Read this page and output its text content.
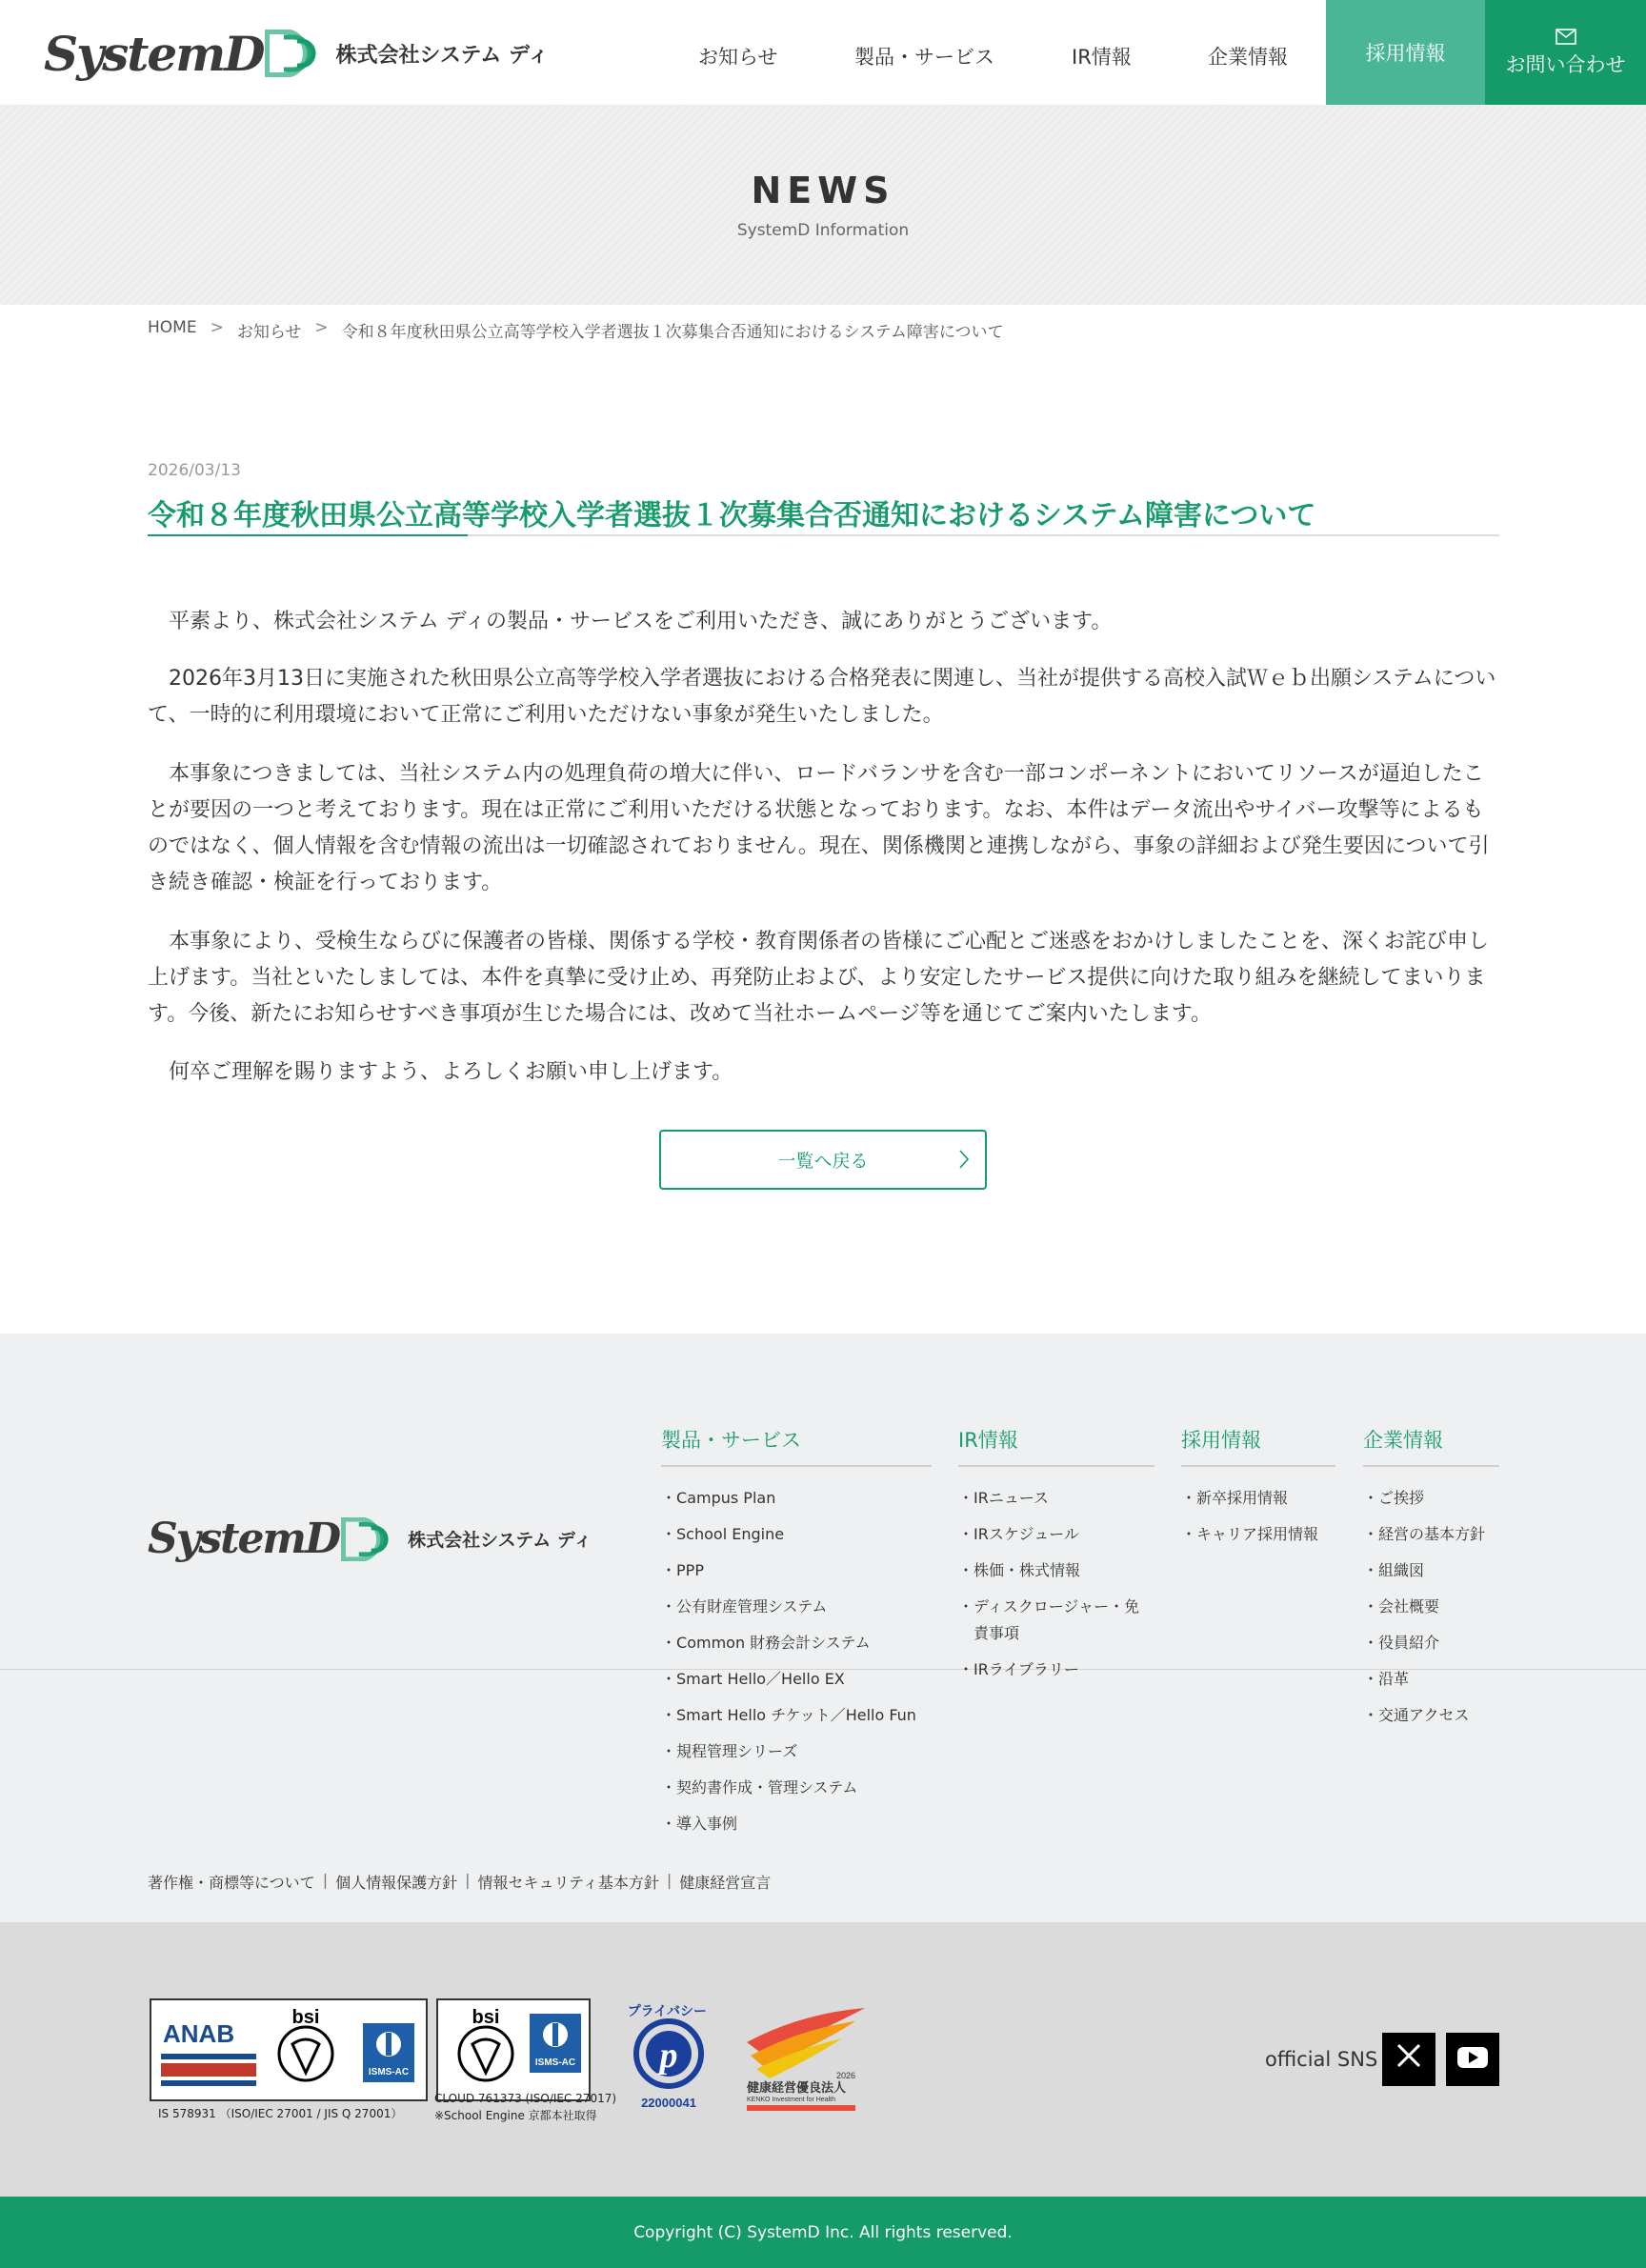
SystemD	株式会社システム ディ	お知らせ	製品・サービス	IR情報	企業情報	採用情報	お問い合わせ
NEWS
SystemD Information
HOME > お知らせ > 令和８年度秋田県公立高等学校入学者選抜１次募集合否通知におけるシステム障害について
2026/03/13
令和８年度秋田県公立高等学校入学者選抜１次募集合否通知におけるシステム障害について

平素より、株式会社システム ディの製品・サービスをご利用いただき、誠にありがとうございます。

2026年3月13日に実施された秋田県公立高等学校入学者選抜における合格発表に関連し、当社が提供する高校入試Ｗｅｂ出願システムについて、一時的に利用環境において正常にご利用いただけない事象が発生いたしました。

本事象につきましては、当社システム内の処理負荷の増大に伴い、ロードバランサを含む一部コンポーネントにおいてリソースが逼迫したことが要因の一つと考えております。現在は正常にご利用いただける状態となっております。なお、本件はデータ流出やサイバー攻撃等によるものではなく、個人情報を含む情報の流出は一切確認されておりません。現在、関係機関と連携しながら、事象の詳細および発生要因について引き続き確認・検証を行っております。

本事象により、受検生ならびに保護者の皆様、関係する学校・教育関係者の皆様にご心配とご迷惑をおかけしましたことを、深くお詫び申し上げます。当社といたしましては、本件を真摯に受け止め、再発防止および、より安定したサービス提供に向けた取り組みを継続してまいります。今後、新たにお知らせすべき事項が生じた場合には、改めて当社ホームページ等を通じてご案内いたします。

何卒ご理解を賜りますよう、よろしくお願い申し上げます。

一覧へ戻る
SystemD	株式会社システム ディ
製品・サービス
・Campus Plan
・School Engine
・PPP
・公有財産管理システム
・Common 財務会計システム
・Smart Hello／Hello EX
・Smart Hello チケット／Hello Fun
・規程管理シリーズ
・契約書作成・管理システム
・導入事例
IR情報
・IRニュース
・IRスケジュール
・株価・株式情報
・ディスクロージャー・免責事項
・IRライブラリー
採用情報
・新卒採用情報
・キャリア採用情報
企業情報
・ご挨拶
・経営の基本方針
・組織図
・会社概要
・役員紹介
・沿革
・交通アクセス
著作権・商標等について | 個人情報保護方針 | 情報セキュリティ基本方針 | 健康経営宣言
ANAB
bsi
ISMS-AC
IS 578931 （ISO/IEC 27001 / JIS Q 27001）
bsi
ISMS-AC
CLOUD 761373 (ISO/IEC 27017)
※School Engine 京都本社取得
プライバシー
p
22000041
2026
健康経営優良法人
KENKO Investment for Health
official SNS
Copyright (C) SystemD Inc. All rights reserved.
